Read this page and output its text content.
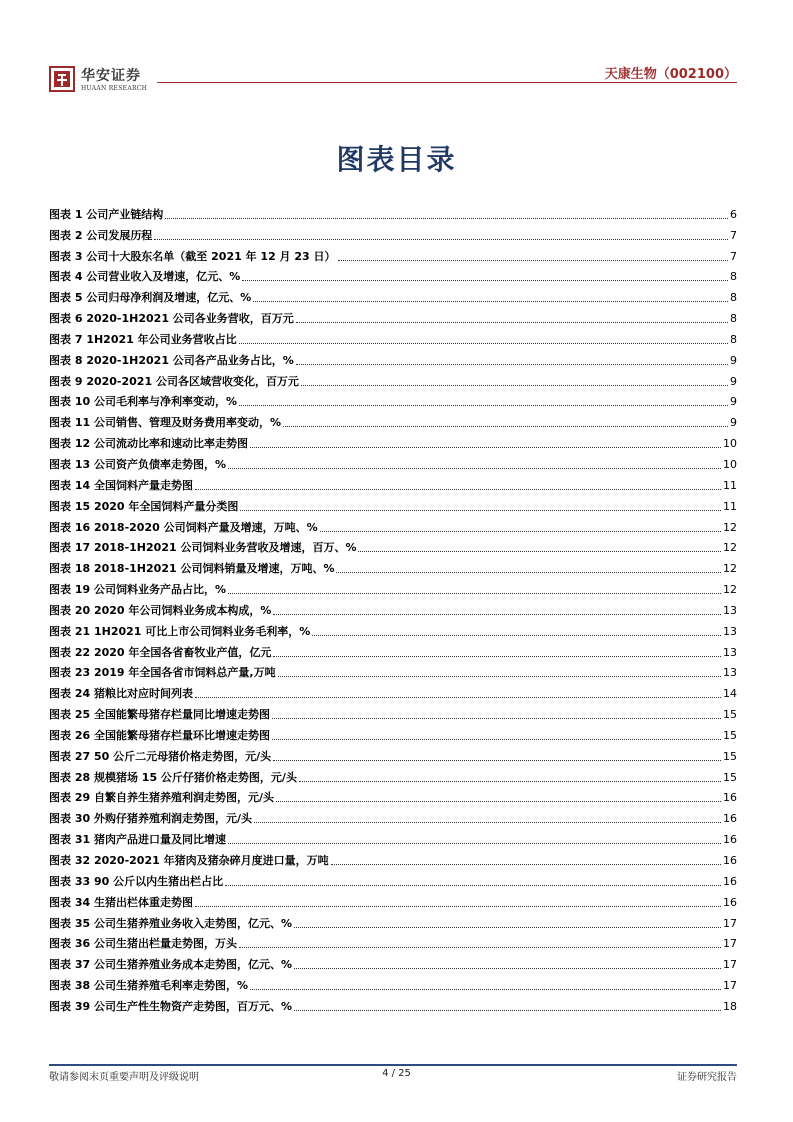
华安证券
HUAAN RESEARCH
天康生物（002100）
图表目录
图表 1 公司产业链结构	6
图表 2 公司发展历程	7
图表 3 公司十大股东名单（截至 2021 年 12 月 23 日）	7
图表 4 公司营业收入及增速，亿元、%	8
图表 5 公司归母净利润及增速，亿元、%	8
图表 6 2020-1H2021 公司各业务营收，百万元	8
图表 7 1H2021 年公司业务营收占比	8
图表 8 2020-1H2021 公司各产品业务占比，%	9
图表 9 2020-2021 公司各区域营收变化，百万元	9
图表 10 公司毛利率与净利率变动，%	9
图表 11 公司销售、管理及财务费用率变动，%	9
图表 12 公司流动比率和速动比率走势图	10
图表 13 公司资产负债率走势图，%	10
图表 14 全国饲料产量走势图	11
图表 15 2020 年全国饲料产量分类图	11
图表 16 2018-2020 公司饲料产量及增速，万吨、%	12
图表 17 2018-1H2021 公司饲料业务营收及增速，百万、%	12
图表 18 2018-1H2021 公司饲料销量及增速，万吨、%	12
图表 19 公司饲料业务产品占比，%	12
图表 20 2020 年公司饲料业务成本构成，%	13
图表 21 1H2021 可比上市公司饲料业务毛利率，%	13
图表 22 2020 年全国各省畜牧业产值，亿元	13
图表 23 2019 年全国各省市饲料总产量,万吨	13
图表 24 猪粮比对应时间列表	14
图表 25 全国能繁母猪存栏量同比增速走势图	15
图表 26 全国能繁母猪存栏量环比增速走势图	15
图表 27 50 公斤二元母猪价格走势图，元/头	15
图表 28 规模猪场 15 公斤仔猪价格走势图，元/头	15
图表 29 自繁自养生猪养殖利润走势图，元/头	16
图表 30 外购仔猪养殖利润走势图，元/头	16
图表 31 猪肉产品进口量及同比增速	16
图表 32 2020-2021 年猪肉及猪杂碎月度进口量，万吨	16
图表 33 90 公斤以内生猪出栏占比	16
图表 34 生猪出栏体重走势图	16
图表 35 公司生猪养殖业务收入走势图，亿元、%	17
图表 36 公司生猪出栏量走势图，万头	17
图表 37 公司生猪养殖业务成本走势图，亿元、%	17
图表 38 公司生猪养殖毛利率走势图，%	17
图表 39 公司生产性生物资产走势图，百万元、%	18
敬请参阅末页重要声明及评级说明	4 / 25	证券研究报告
